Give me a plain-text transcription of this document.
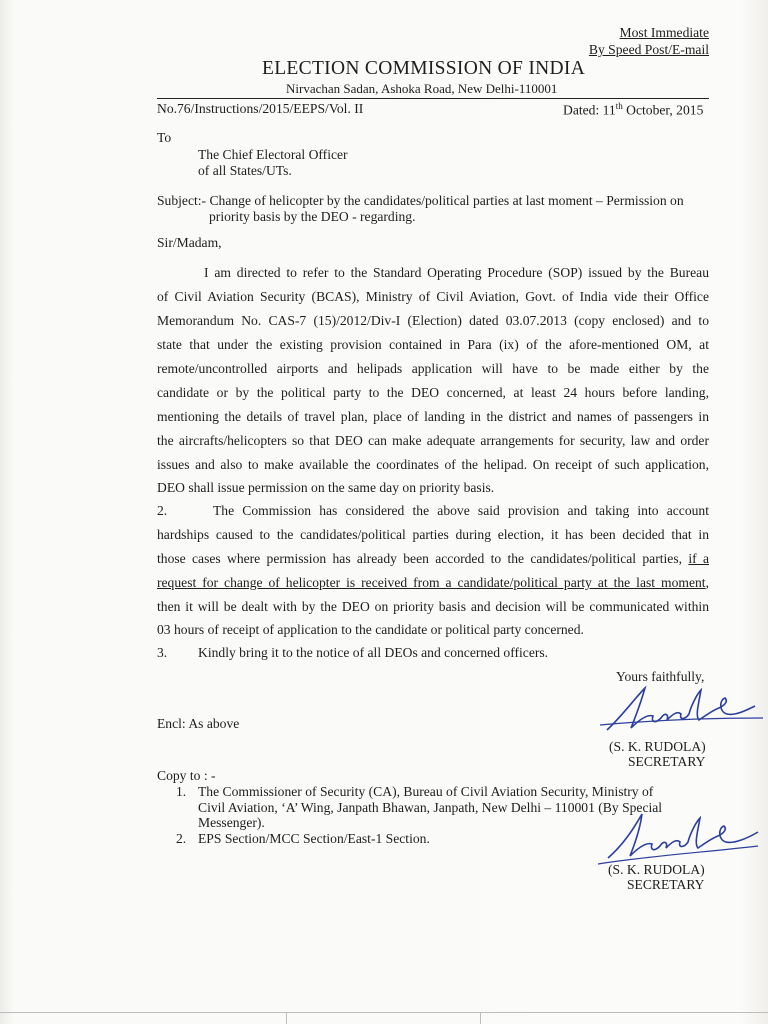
Most Immediate
By Speed Post/E-mail
ELECTION COMMISSION OF INDIA
Nirvachan Sadan, Ashoka Road, New Delhi-110001
No.76/Instructions/2015/EEPS/Vol. II	Dated: 11th October, 2015
To
The Chief Electoral Officer
of all States/UTs.
Subject:- Change of helicopter by the candidates/political parties at last moment – Permission on
priority basis by the DEO - regarding.
Sir/Madam,
I am directed to refer to the Standard Operating Procedure (SOP) issued by the Bureau
of Civil Aviation Security (BCAS), Ministry of Civil Aviation, Govt. of India vide their Office
Memorandum No. CAS-7 (15)/2012/Div-I (Election) dated 03.07.2013 (copy enclosed) and to
state that under the existing provision contained in Para (ix) of the afore-mentioned OM, at
remote/uncontrolled airports and helipads application will have to be made either by the
candidate or by the political party to the DEO concerned, at least 24 hours before landing,
mentioning the details of travel plan, place of landing in the district and names of passengers in
the aircrafts/helicopters so that DEO can make adequate arrangements for security, law and order
issues and also to make available the coordinates of the helipad. On receipt of such application,
DEO shall issue permission on the same day on priority basis.
2.	The Commission has considered the above said provision and taking into account
hardships caused to the candidates/political parties during election, it has been decided that in
those cases where permission has already been accorded to the candidates/political parties, if a
request for change of helicopter is received from a candidate/political party at the last moment,
then it will be dealt with by the DEO on priority basis and decision will be communicated within
03 hours of receipt of application to the candidate or political party concerned.
3. Kindly bring it to the notice of all DEOs and concerned officers.
Yours faithfully,
Encl: As above
(S. K. RUDOLA)
SECRETARY
Copy to : -
1. The Commissioner of Security (CA), Bureau of Civil Aviation Security, Ministry of
Civil Aviation, ‘A’ Wing, Janpath Bhawan, Janpath, New Delhi – 110001 (By Special
Messenger).
2. EPS Section/MCC Section/East-1 Section.
(S. K. RUDOLA)
SECRETARY
